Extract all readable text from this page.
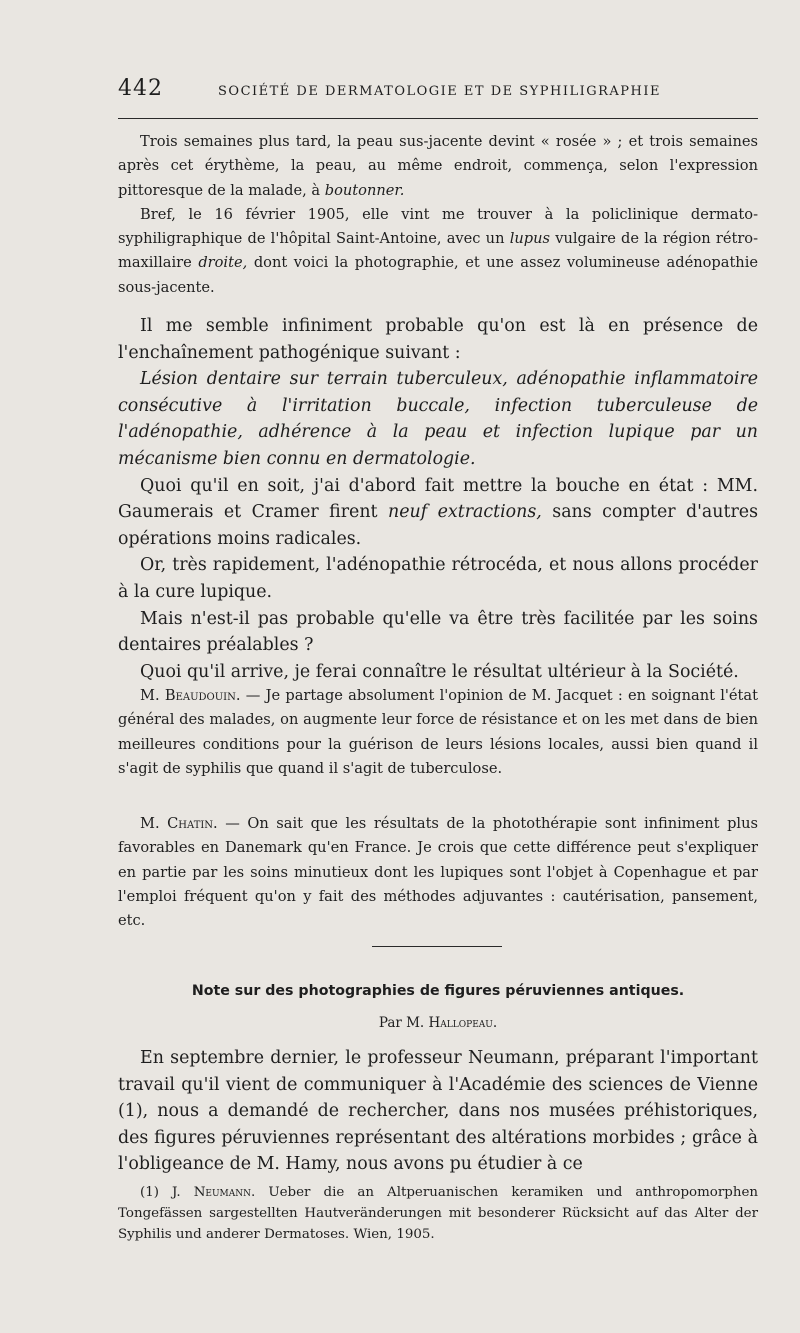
442	SOCIÉTÉ DE DERMATOLOGIE ET DE SYPHILIGRAPHIE

Trois semaines plus tard, la peau sus-jacente devint « rosée » ; et trois semaines après cet érythème, la peau, au même endroit, commença, selon l'expression pittoresque de la malade, à boutonner.

Bref, le 16 février 1905, elle vint me trouver à la policlinique dermato-syphiligraphique de l'hôpital Saint-Antoine, avec un lupus vulgaire de la région rétro-maxillaire droite, dont voici la photographie, et une assez volumineuse adénopathie sous-jacente.

Il me semble infiniment probable qu'on est là en présence de l'enchaînement pathogénique suivant :

Lésion dentaire sur terrain tuberculeux, adénopathie inflammatoire consécutive à l'irritation buccale, infection tuberculeuse de l'adénopathie, adhérence à la peau et infection lupique par un mécanisme bien connu en dermatologie.

Quoi qu'il en soit, j'ai d'abord fait mettre la bouche en état : MM. Gaumerais et Cramer firent neuf extractions, sans compter d'autres opérations moins radicales.

Or, très rapidement, l'adénopathie rétrocéda, et nous allons procéder à la cure lupique.

Mais n'est-il pas probable qu'elle va être très facilitée par les soins dentaires préalables ?

Quoi qu'il arrive, je ferai connaître le résultat ultérieur à la Société.

M. Beaudouin. — Je partage absolument l'opinion de M. Jacquet : en soignant l'état général des malades, on augmente leur force de résistance et on les met dans de bien meilleures conditions pour la guérison de leurs lésions locales, aussi bien quand il s'agit de syphilis que quand il s'agit de tuberculose.

M. Chatin. — On sait que les résultats de la photothérapie sont infiniment plus favorables en Danemark qu'en France. Je crois que cette différence peut s'expliquer en partie par les soins minutieux dont les lupiques sont l'objet à Copenhague et par l'emploi fréquent qu'on y fait des méthodes adjuvantes : cautérisation, pansement, etc.

Note sur des photographies de figures péruviennes antiques.
Par M. Hallopeau.

En septembre dernier, le professeur Neumann, préparant l'important travail qu'il vient de communiquer à l'Académie des sciences de Vienne (1), nous a demandé de rechercher, dans nos musées préhistoriques, des figures péruviennes représentant des altérations morbides ; grâce à l'obligeance de M. Hamy, nous avons pu étudier à ce

(1) J. Neumann. Ueber die an Altperuanischen keramiken und anthropomorphen Tongefässen sargestellten Hautveränderungen mit besonderer Rücksicht auf das Alter der Syphilis und anderer Dermatoses. Wien, 1905.
